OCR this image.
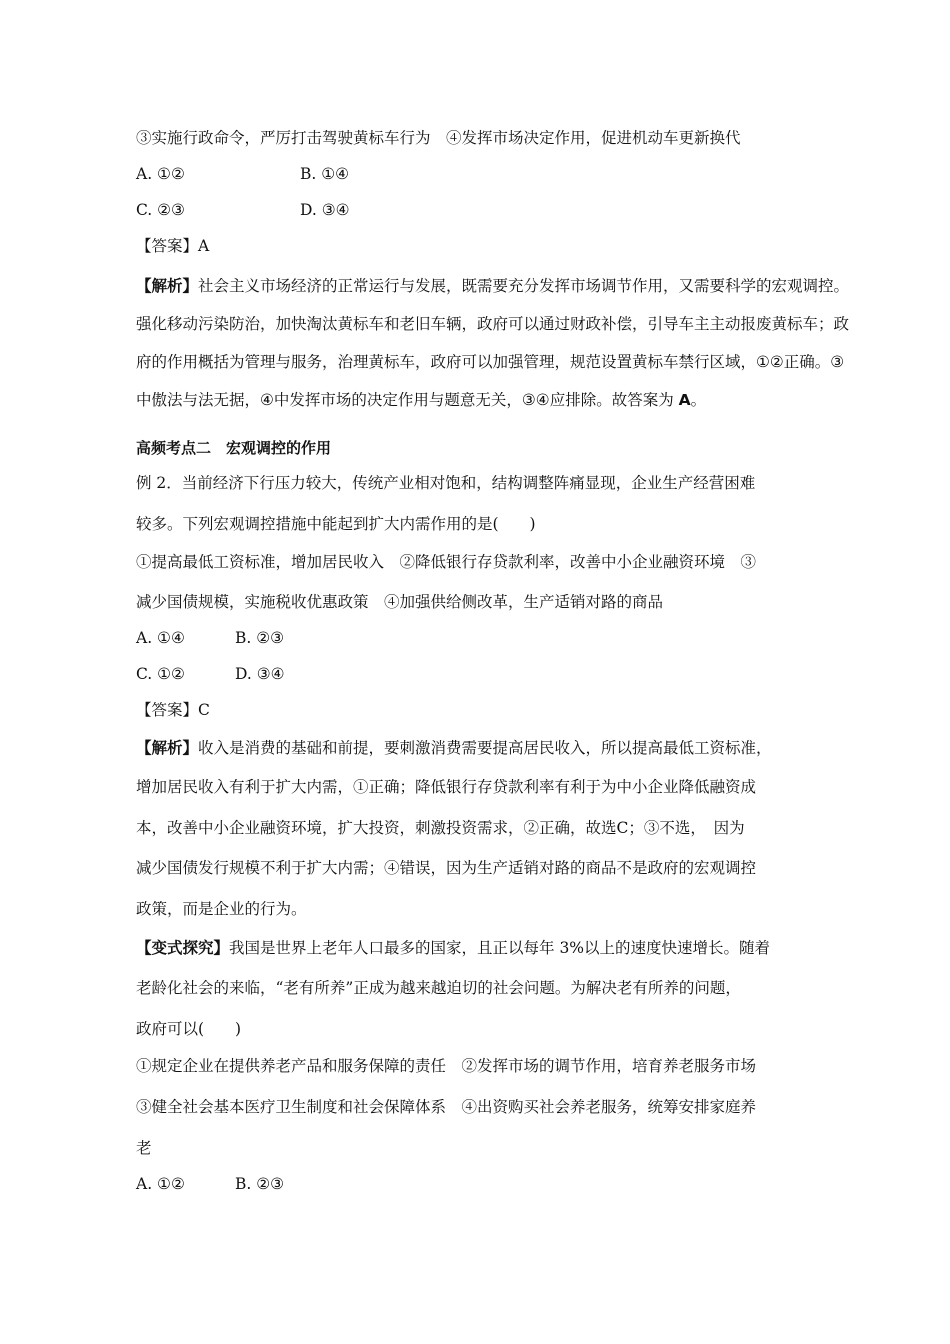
③实施行政命令，严厉打击驾驶黄标车行为　④发挥市场决定作用，促进机动车更新换代
A. ①②	B. ①④
C. ②③	D. ③④
【答案】A
【解析】社会主义市场经济的正常运行与发展，既需要充分发挥市场调节作用，又需要科学的宏观调控。
强化移动污染防治，加快淘汰黄标车和老旧车辆，政府可以通过财政补偿，引导车主主动报废黄标车；政
府的作用概括为管理与服务，治理黄标车，政府可以加强管理，规范设置黄标车禁行区域，①②正确。③
中傲法与法无据，④中发挥市场的决定作用与题意无关，③④应排除。故答案为 A。
高频考点二　宏观调控的作用
例 2．当前经济下行压力较大，传统产业相对饱和，结构调整阵痛显现，企业生产经营困难
较多。下列宏观调控措施中能起到扩大内需作用的是(　　)
①提高最低工资标准，增加居民收入　②降低银行存贷款利率，改善中小企业融资环境　③
减少国债规模，实施税收优惠政策　④加强供给侧改革，生产适销对路的商品
A. ①④	B. ②③
C. ①②	D. ③④
【答案】C
【解析】收入是消费的基础和前提，要刺激消费需要提高居民收入，所以提高最低工资标准，
增加居民收入有利于扩大内需，①正确；降低银行存贷款利率有利于为中小企业降低融资成
本，改善中小企业融资环境，扩大投资，刺激投资需求，②正确，故选C；③不选，　因为
减少国债发行规模不利于扩大内需；④错误，因为生产适销对路的商品不是政府的宏观调控
政策，而是企业的行为。
【变式探究】我国是世界上老年人口最多的国家，且正以每年 3%以上的速度快速增长。随着
老龄化社会的来临，“老有所养”正成为越来越迫切的社会问题。为解决老有所养的问题，
政府可以(　　)
①规定企业在提供养老产品和服务保障的责任　②发挥市场的调节作用，培育养老服务市场
③健全社会基本医疗卫生制度和社会保障体系　④出资购买社会养老服务，统筹安排家庭养
老
A. ①②	B. ②③
